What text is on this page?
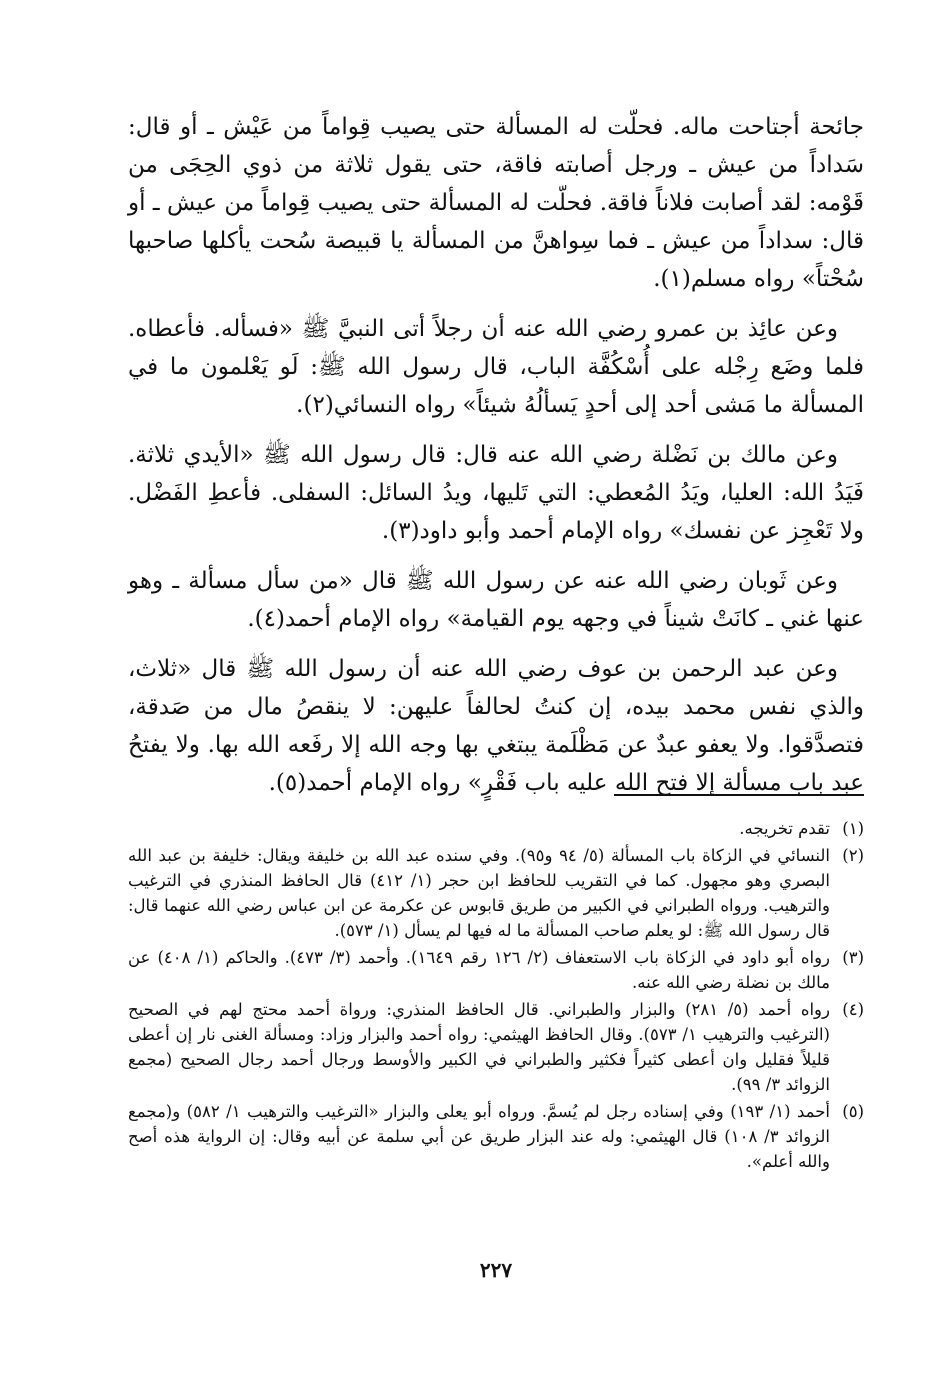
جائحة أجتاحت ماله. فحلّت له المسألة حتى يصيب قِواماً من عَيْش ـ أو قال: سَداداً من عيش ـ ورجل أصابته فاقة، حتى يقول ثلاثة من ذوي الحِجَى من قَوْمه: لقد أصابت فلاناً فاقة. فحلّت له المسألة حتى يصيب قِواماً من عيش ـ أو قال: سداداً من عيش ـ فما سِواهنَّ من المسألة يا قبيصة سُحت يأكلها صاحبها سُحْتاً» رواه مسلم(١).

وعن عائِذ بن عمرو رضي الله عنه أن رجلاً أتى النبيَّ ﷺ «فسأله. فأعطاه. فلما وضَع رِجْله على أُسْكُفَّة الباب، قال رسول الله ﷺ: لَو يَعْلمون ما في المسألة ما مَشى أحد إلى أحدٍ يَسألُهُ شيئاً» رواه النسائي(٢).

وعن مالك بن نَضْلة رضي الله عنه قال: قال رسول الله ﷺ «الأيدي ثلاثة. فَيَدُ الله: العليا، ويَدُ المُعطي: التي تَليها، ويدُ السائل: السفلى. فأعطِ الفَضْل. ولا تَعْجِز عن نفسك» رواه الإمام أحمد وأبو داود(٣).

وعن ثَوبان رضي الله عنه عن رسول الله ﷺ قال «من سأل مسألة ـ وهو عنها غني ـ كانَتْ شيناً في وجهه يوم القيامة» رواه الإمام أحمد(٤).

وعن عبد الرحمن بن عوف رضي الله عنه أن رسول الله ﷺ قال «ثلاث، والذي نفس محمد بيده، إن كنتُ لحالفاً عليهن: لا ينقصُ مال من صَدقة، فتصدَّقوا. ولا يعفو عبدٌ عن مَظْلَمة يبتغي بها وجه الله إلا رفَعه الله بها. ولا يفتحُ عبد باب مسألة إلا فتح الله عليه باب فَقْرٍ» رواه الإمام أحمد(٥).

(١)
تقدم تخريجه.
(٢)
النسائي في الزكاة باب المسألة (٥/ ٩٤ و٩٥). وفي سنده عبد الله بن خليفة ويقال: خليفة بن عبد الله البصري وهو مجهول. كما في التقريب للحافظ ابن حجر (١/ ٤١٢) قال الحافظ المنذري في الترغيب والترهيب. ورواه الطبراني في الكبير من طريق قابوس عن عكرمة عن ابن عباس رضي الله عنهما قال: قال رسول الله ﷺ: لو يعلم صاحب المسألة ما له فيها لم يسأل (١/ ٥٧٣).
(٣)
رواه أبو داود في الزكاة باب الاستعفاف (٢/ ١٢٦ رقم ١٦٤٩). وأحمد (٣/ ٤٧٣). والحاكم (١/ ٤٠٨) عن مالك بن نضلة رضي الله عنه.
(٤)
رواه أحمد (٥/ ٢٨١) والبزار والطبراني. قال الحافظ المنذري: ورواة أحمد محتج لهم في الصحيح (الترغيب والترهيب ١/ ٥٧٣). وقال الحافظ الهيثمي: رواه أحمد والبزار وزاد: ومسألة الغنى نار إن أعطى قليلاً فقليل وان أعطى كثيراً فكثير والطبراني في الكبير والأوسط ورجال أحمد رجال الصحيح (مجمع الزوائد ٣/ ٩٩).
(٥)
أحمد (١/ ١٩٣) وفي إسناده رجل لم يُسمَّ. ورواه أبو يعلى والبزار «الترغيب والترهيب ١/ ٥٨٢) و(مجمع الزوائد ٣/ ١٠٨) قال الهيثمي: وله عند البزار طريق عن أبي سلمة عن أبيه وقال: إن الرواية هذه أصح والله أعلم».
٢٢٧
